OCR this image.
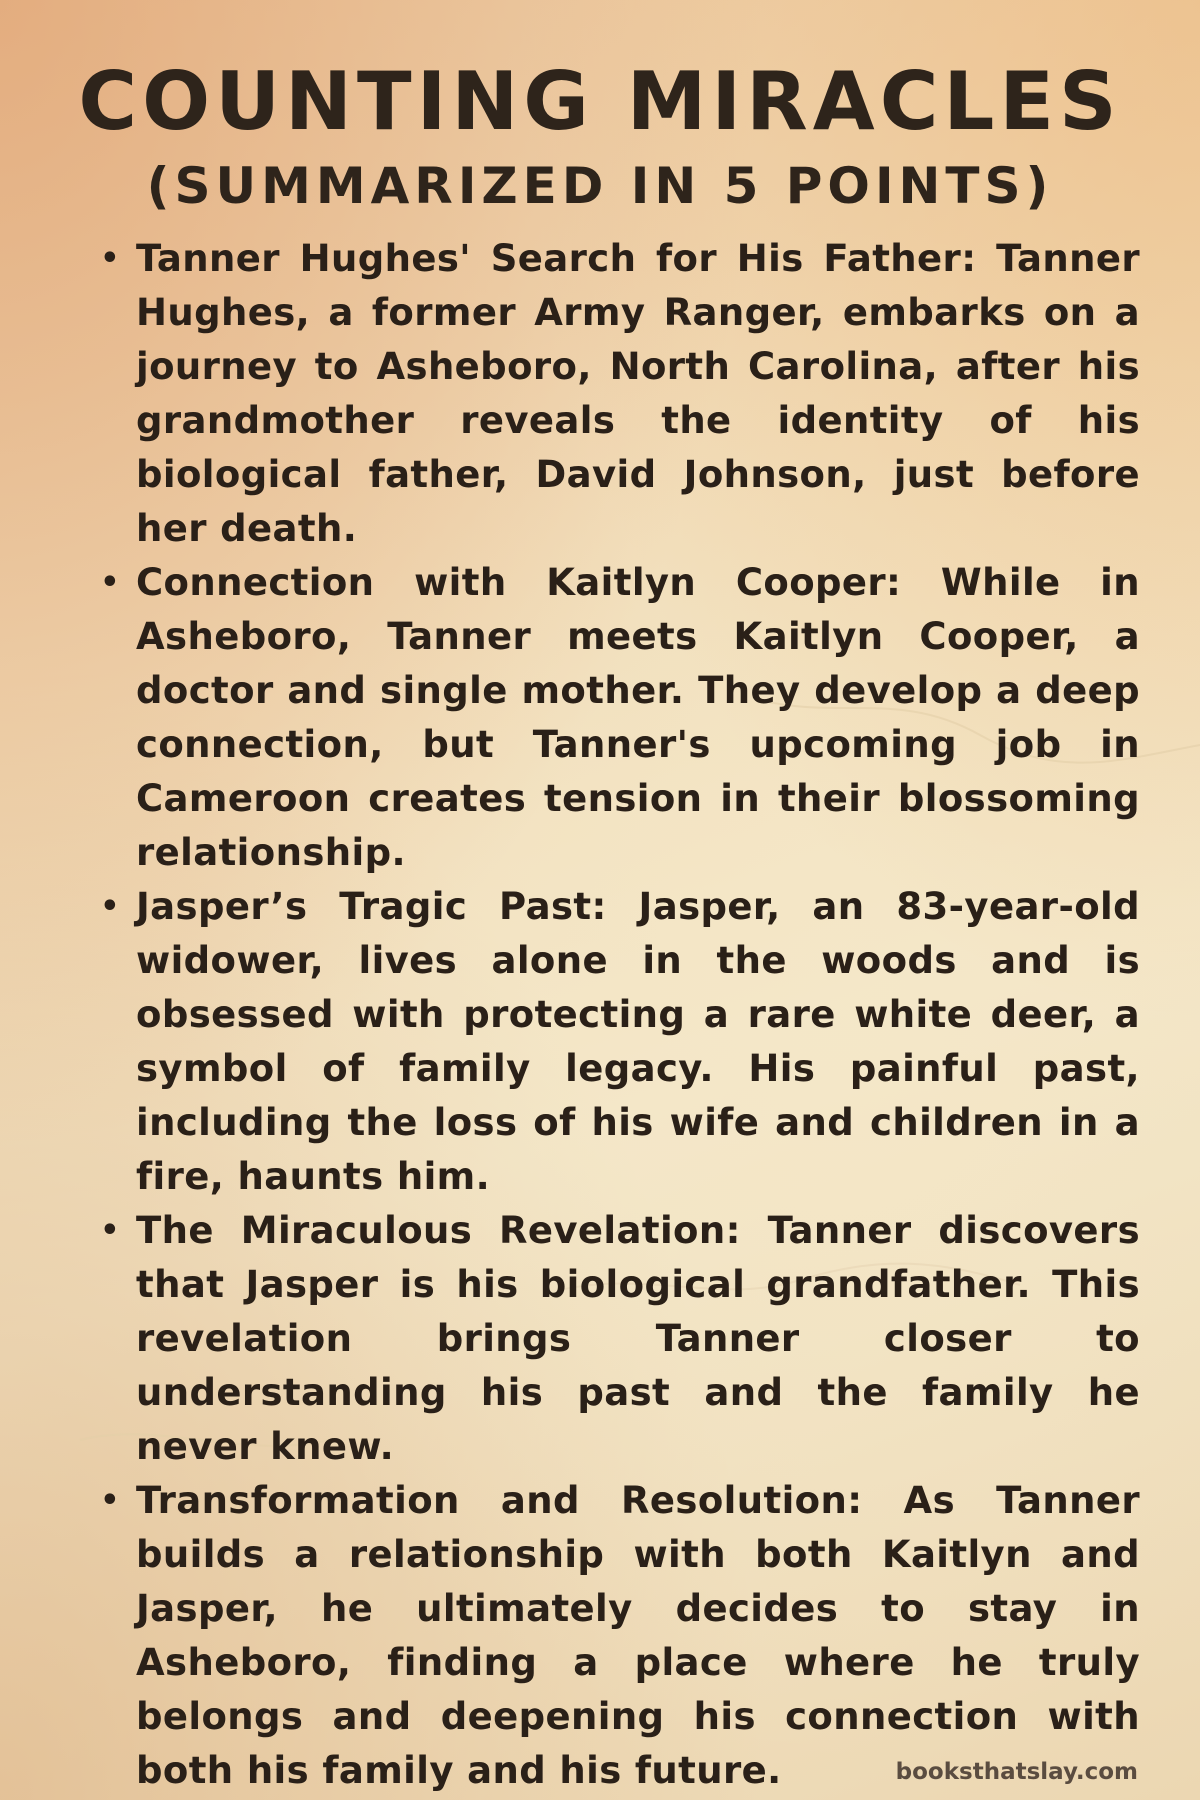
COUNTING MIRACLES
(SUMMARIZED IN 5 POINTS)
• Tanner Hughes' Search for His Father: Tanner Hughes, a former Army Ranger, embarks on a journey to Asheboro, North Carolina, after his grandmother reveals the identity of his biological father, David Johnson, just before her death.
• Connection with Kaitlyn Cooper: While in Asheboro, Tanner meets Kaitlyn Cooper, a doctor and single mother. They develop a deep connection, but Tanner's upcoming job in Cameroon creates tension in their blossoming relationship.
• Jasper’s Tragic Past: Jasper, an 83-year-old widower, lives alone in the woods and is obsessed with protecting a rare white deer, a symbol of family legacy. His painful past, including the loss of his wife and children in a fire, haunts him.
• The Miraculous Revelation: Tanner discovers that Jasper is his biological grandfather. This revelation brings Tanner closer to understanding his past and the family he never knew.
• Transformation and Resolution: As Tanner builds a relationship with both Kaitlyn and Jasper, he ultimately decides to stay in Asheboro, finding a place where he truly belongs and deepening his connection with both his family and his future.	booksthatslay.com
